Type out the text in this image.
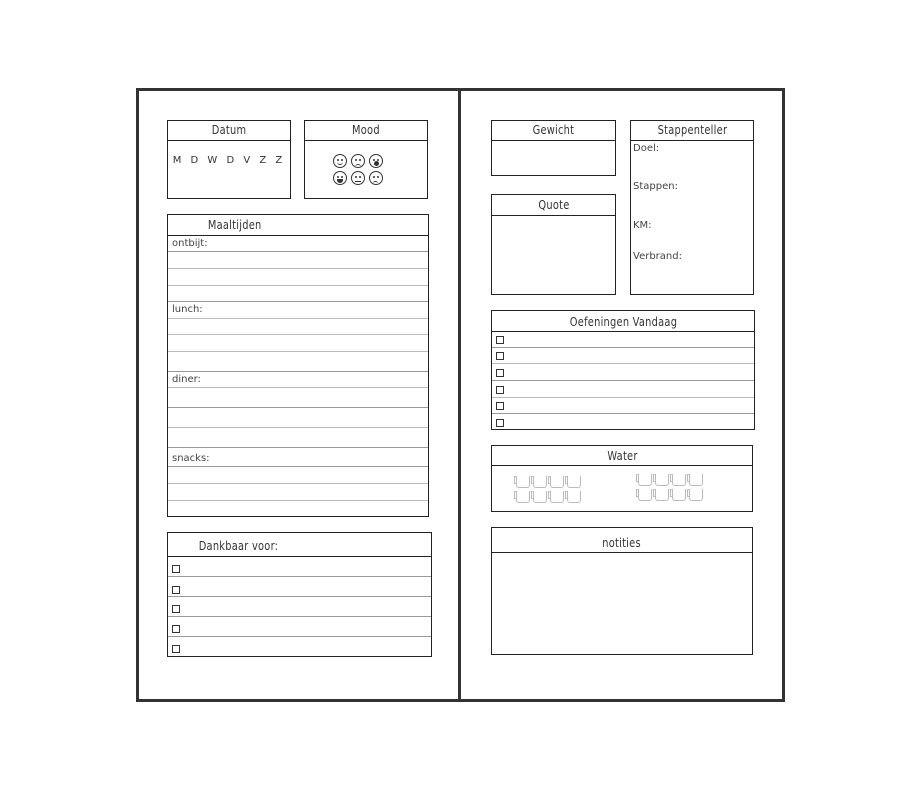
Datum
M D W D V Z Z
Mood
Maaltijden
ontbijt:
lunch:
diner:
snacks:
Dankbaar voor:
Gewicht	Stappenteller
Doel:
Stappen:
KM:
Verbrand:
Quote
Oefeningen Vandaag
Water
notities
